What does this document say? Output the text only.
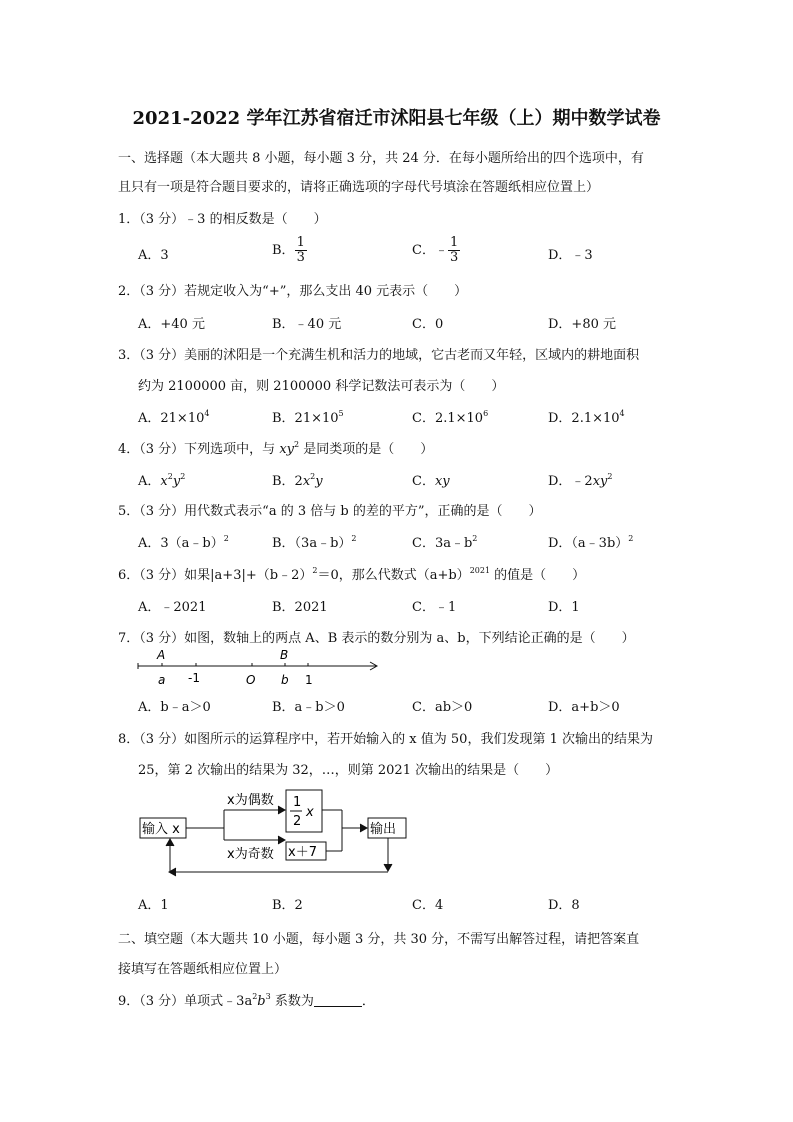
2021-2022 学年江苏省宿迁市沭阳县七年级（上）期中数学试卷
一、选择题（本大题共 8 小题，每小题 3 分，共 24 分．在每小题所给出的四个选项中，有
且只有一项是符合题目要求的，请将正确选项的字母代号填涂在答题纸相应位置上）
1．（3 分）﹣3 的相反数是（　　）
A．3	B． $\frac{1}{3}$	C．﹣ $\frac{1}{3}$	D．﹣3
2．（3 分）若规定收入为“+”，那么支出 40 元表示（　　）
A．+40 元	B．﹣40 元	C．0	D．+80 元
3．（3 分）美丽的沭阳是一个充满生机和活力的地域，它古老而又年轻，区域内的耕地面积
约为 2100000 亩，则 2100000 科学记数法可表示为（　　）
A．$21\times 10^4$	B．$21\times 10^5$	C．$2.1\times 10^6$	D．$2.1\times 10^4$
4．（3 分）下列选项中，与 $xy^2$ 是同类项的是（　　）
A．$x^2y^2$	B．$2x^2y$	C．xy	D．$﹣2xy^2$
5．（3 分）用代数式表示“a 的 3 倍与 b 的差的平方”，正确的是（　　）
A．3（a﹣b）$^2$	B．（3a﹣b）$^2$	C．$3a﹣b^2$	D．（a﹣3b）$^2$
6．（3 分）如果|a+3|+（b﹣2）$^2$＝0，那么代数式$(a+b)^{2021}$ 的值是（　　）
A．﹣2021	B．2021	C．﹣1	D．1
7．（3 分）如图，数轴上的两点 A、B 表示的数分别为 a、b，下列结论正确的是（　　）
A	B
a -1	O b 1
A．b﹣a＞0	B．a﹣b＞0	C．ab＞0	D．a+b＞0
8．（3 分）如图所示的运算程序中，若开始输入的 x 值为 50，我们发现第 1 次输出的结果为
25，第 2 次输出的结果为 32，…，则第 2021 次输出的结果是（　　）
输入 x
x为偶数
x为奇数
1
2
x
x＋7
输出
A．1	B．2	C．4	D．8
二、填空题（本大题共 10 小题，每小题 3 分，共 30 分，不需写出解答过程，请把答案直
接填写在答题纸相应位置上）
9．（3 分）单项式$﹣3a^2b^3$ 系数为	．
